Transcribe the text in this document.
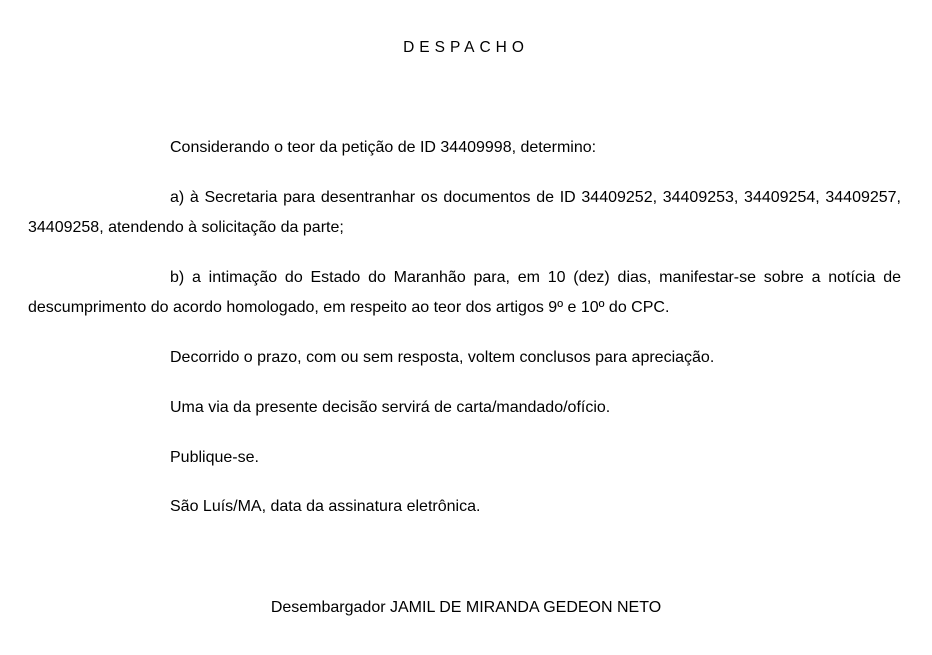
DESPACHO

Considerando o teor da petição de ID 34409998, determino:

a) à Secretaria para desentranhar os documentos de ID 34409252, 34409253, 34409254, 34409257, 34409258, atendendo à solicitação da parte;

b) a intimação do Estado do Maranhão para, em 10 (dez) dias, manifestar-se sobre a notícia de descumprimento do acordo homologado, em respeito ao teor dos artigos 9º e 10º do CPC.

Decorrido o prazo, com ou sem resposta, voltem conclusos para apreciação.

Uma via da presente decisão servirá de carta/mandado/ofício.

Publique-se.

São Luís/MA, data da assinatura eletrônica.

Desembargador JAMIL DE MIRANDA GEDEON NETO
